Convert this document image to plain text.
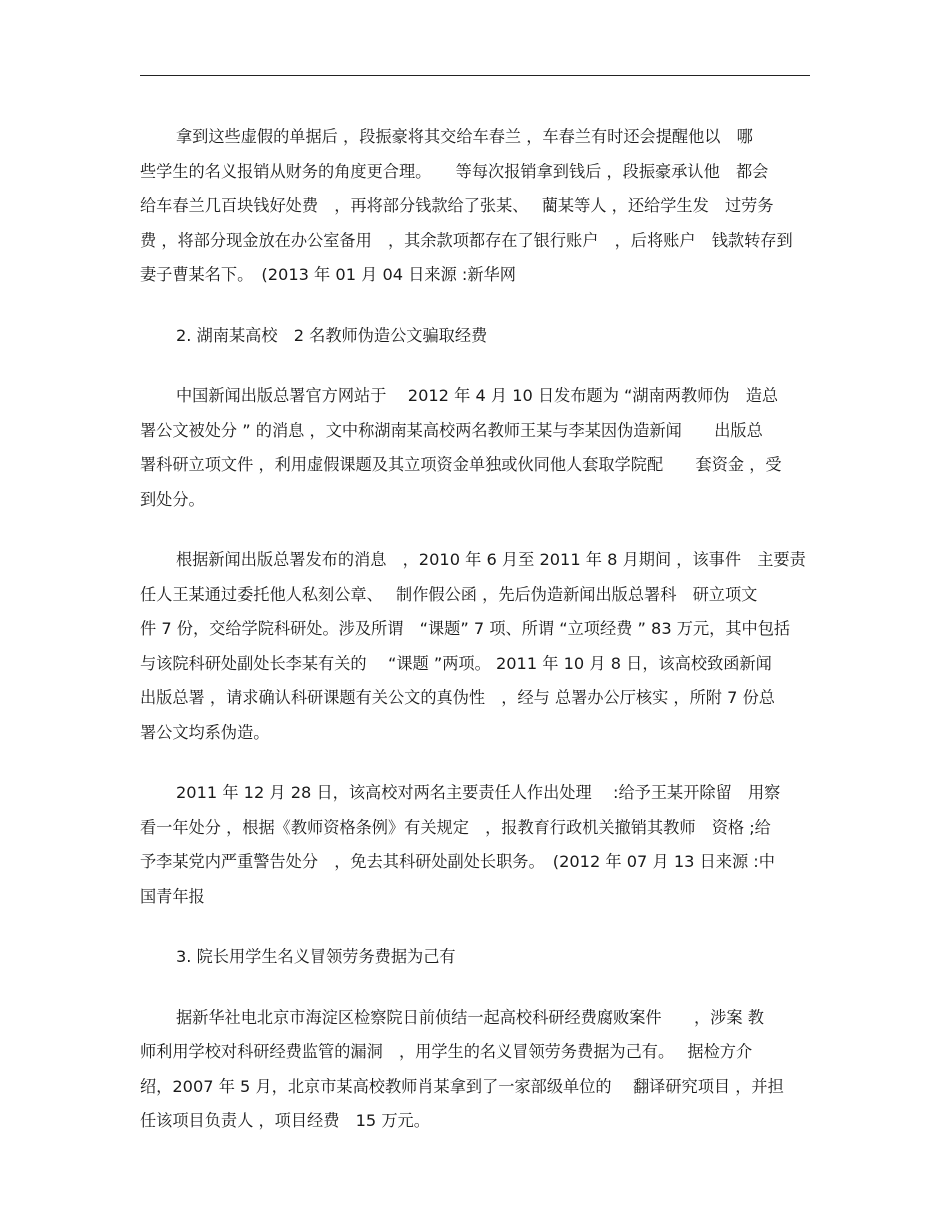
拿到这些虚假的单据后 ，段振豪将其交给车春兰 ，车春兰有时还会提醒他以　哪
些学生的名义报销从财务的角度更合理。　　等每次报销拿到钱后 ，段振豪承认他　都会
给车春兰几百块钱好处费　，再将部分钱款给了张某、　 藺某等人 ，还给学生发　过劳务
费 ，将部分现金放在办公室备用　，其余款项都存在了银行账户　，后将账户　钱款转存到
妻子曹某名下。　(2013 年 01 月 04 日来源 :新华网

2. 湖南某高校　2 名教师伪造公文骗取经费

中国新闻出版总署官方网站于　 2012 年 4 月 10 日发布题为 “湖南两教师伪　造总
署公文被处分 ” 的消息 ，文中称湖南某高校两名教师王某与李某因伪造新闻　　出版总
署科研立项文件 ，利用虚假课题及其立项资金单独或伙同他人套取学院配　　套资金 ，受
到处分。

根据新闻出版总署发布的消息　，2010 年 6 月至 2011 年 8 月期间 ，该事件　主要责
任人王某通过委托他人私刻公章、　 制作假公函 ，先后伪造新闻出版总署科　研立项文
件 7 份，交给学院科研处。涉及所谓　“课题” 7 项、所谓 “立项经费 ” 83 万元，其中包括
与该院科研处副处长李某有关的　 “课题 ”两项。 2011 年 10 月 8 日，该高校致函新闻
出版总署 ，请求确认科研课题有关公文的真伪性　，经与 总署办公厅核实 ，所附 7 份总
署公文均系伪造。

2011 年 12 月 28 日，该高校对两名主要责任人作出处理　 :给予王某开除留　用察
看一年处分 ，根据《教师资格条例》有关规定　，报教育行政机关撤销其教师　资格 ;给
予李某党内严重警告处分　，免去其科研处副处长职务。　(2012 年 07 月 13 日来源 :中
国青年报

3. 院长用学生名义冒领劳务费据为己有

据新华社电北京市海淀区检察院日前侦结一起高校科研经费腐败案件　　，涉案 教
师利用学校对科研经费监管的漏洞　，用学生的名义冒领劳务费据为己有。　 据检方介
绍，2007 年 5 月，北京市某高校教师肖某拿到了一家部级单位的　 翻译研究项目 ，并担
任该项目负责人 ，项目经费　15 万元。
